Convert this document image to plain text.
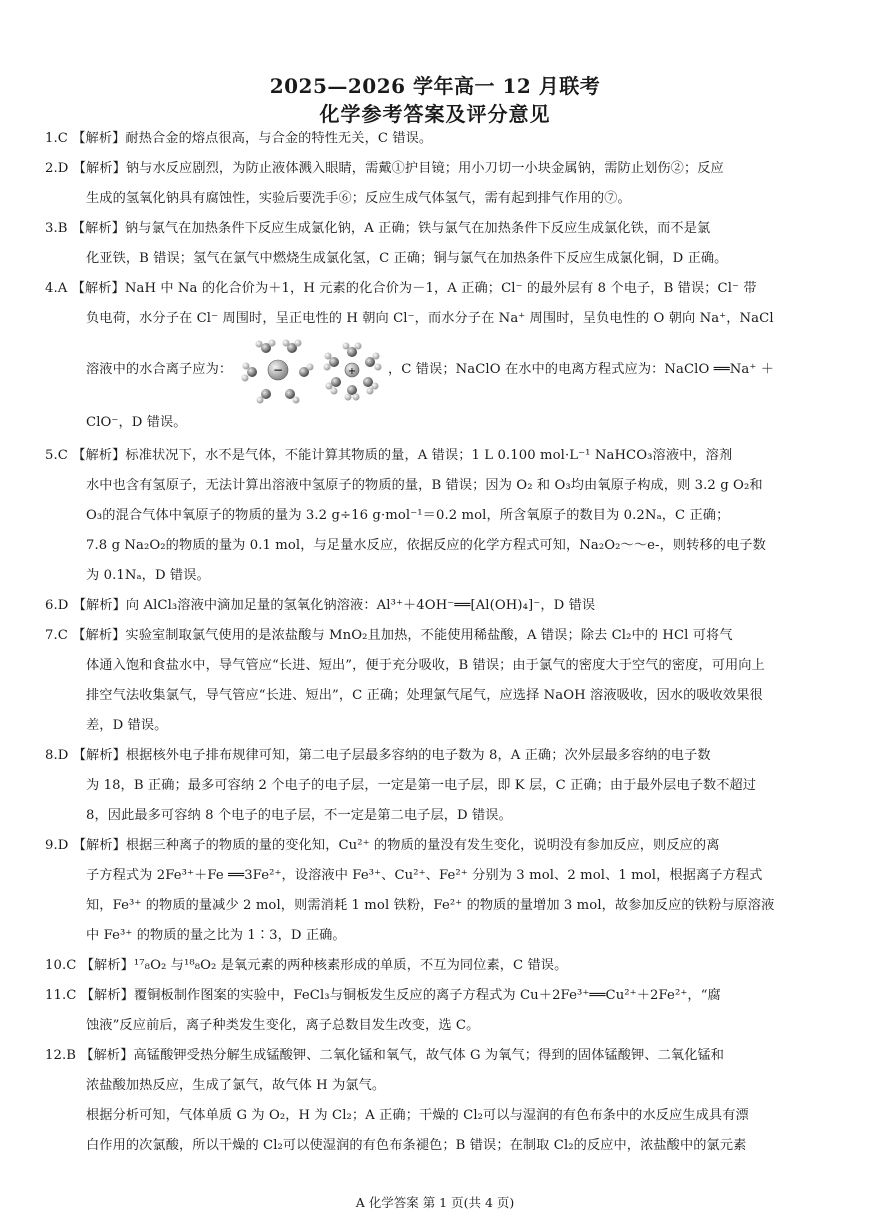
2025—2026 学年高一 12 月联考
化学参考答案及评分意见
1.C 【解析】耐热合金的熔点很高，与合金的特性无关，C 错误。
2.D 【解析】钠与水反应剧烈，为防止液体溅入眼睛，需戴①护目镜；用小刀切一小块金属钠，需防止划伤②；反应
生成的氢氧化钠具有腐蚀性，实验后要洗手⑥；反应生成气体氢气，需有起到排气作用的⑦。
3.B 【解析】钠与氯气在加热条件下反应生成氯化钠，A 正确；铁与氯气在加热条件下反应生成氯化铁，而不是氯
化亚铁，B 错误；氢气在氯气中燃烧生成氯化氢，C 正确；铜与氯气在加热条件下反应生成氯化铜，D 正确。
4.A 【解析】NaH 中 Na 的化合价为＋1，H 元素的化合价为－1，A 正确；Cl⁻ 的最外层有 8 个电子，B 错误；Cl⁻ 带
负电荷，水分子在 Cl⁻ 周围时，呈正电性的 H 朝向 Cl⁻，而水分子在 Na⁺ 周围时，呈负电性的 O 朝向 Na⁺，NaCl
溶液中的水合离子应为：	−	+ ，C 错误；NaClO 在水中的电离方程式应为：NaClO ══Na⁺ ＋
ClO⁻，D 错误。
5.C 【解析】标准状况下，水不是气体，不能计算其物质的量，A 错误；1 L 0.100 mol·L⁻¹ NaHCO₃溶液中，溶剂
水中也含有氢原子，无法计算出溶液中氢原子的物质的量，B 错误；因为 O₂ 和 O₃均由氧原子构成，则 3.2 g O₂和
O₃的混合气体中氧原子的物质的量为 3.2 g÷16 g·mol⁻¹＝0.2 mol，所含氧原子的数目为 0.2Nₐ，C 正确；
7.8 g Na₂O₂的物质的量为 0.1 mol，与足量水反应，依据反应的化学方程式可知，Na₂O₂～～e-，则转移的电子数
为 0.1Nₐ，D 错误。
6.D 【解析】向 AlCl₃溶液中滴加足量的氢氧化钠溶液：Al³⁺＋4OH⁻══[Al(OH)₄]⁻，D 错误
7.C 【解析】实验室制取氯气使用的是浓盐酸与 MnO₂且加热，不能使用稀盐酸，A 错误；除去 Cl₂中的 HCl 可将气
体通入饱和食盐水中，导气管应“长进、短出”，便于充分吸收，B 错误；由于氯气的密度大于空气的密度，可用向上
排空气法收集氯气，导气管应“长进、短出”，C 正确；处理氯气尾气，应选择 NaOH 溶液吸收，因水的吸收效果很
差，D 错误。
8.D 【解析】根据核外电子排布规律可知，第二电子层最多容纳的电子数为 8，A 正确；次外层最多容纳的电子数
为 18，B 正确；最多可容纳 2 个电子的电子层，一定是第一电子层，即 K 层，C 正确；由于最外层电子数不超过
8，因此最多可容纳 8 个电子的电子层，不一定是第二电子层，D 错误。
9.D 【解析】根据三种离子的物质的量的变化知，Cu²⁺ 的物质的量没有发生变化，说明没有参加反应，则反应的离
子方程式为 2Fe³⁺＋Fe ══3Fe²⁺，设溶液中 Fe³⁺、Cu²⁺、Fe²⁺ 分别为 3 mol、2 mol、1 mol，根据离子方程式
知，Fe³⁺ 的物质的量减少 2 mol，则需消耗 1 mol 铁粉，Fe²⁺ 的物质的量增加 3 mol，故参加反应的铁粉与原溶液
中 Fe³⁺ 的物质的量之比为 1∶3，D 正确。
10.C 【解析】¹⁷₈O₂ 与¹⁸₈O₂ 是氧元素的两种核素形成的单质，不互为同位素，C 错误。
11.C 【解析】覆铜板制作图案的实验中，FeCl₃与铜板发生反应的离子方程式为 Cu＋2Fe³⁺══Cu²⁺＋2Fe²⁺，“腐
蚀液”反应前后，离子种类发生变化，离子总数目发生改变，选 C。
12.B 【解析】高锰酸钾受热分解生成锰酸钾、二氧化锰和氧气，故气体 G 为氧气；得到的固体锰酸钾、二氧化锰和
浓盐酸加热反应，生成了氯气，故气体 H 为氯气。
根据分析可知，气体单质 G 为 O₂，H 为 Cl₂；A 正确；干燥的 Cl₂可以与湿润的有色布条中的水反应生成具有漂
白作用的次氯酸，所以干燥的 Cl₂可以使湿润的有色布条褪色；B 错误；在制取 Cl₂的反应中，浓盐酸中的氯元素
A 化学答案 第 1 页(共 4 页)
